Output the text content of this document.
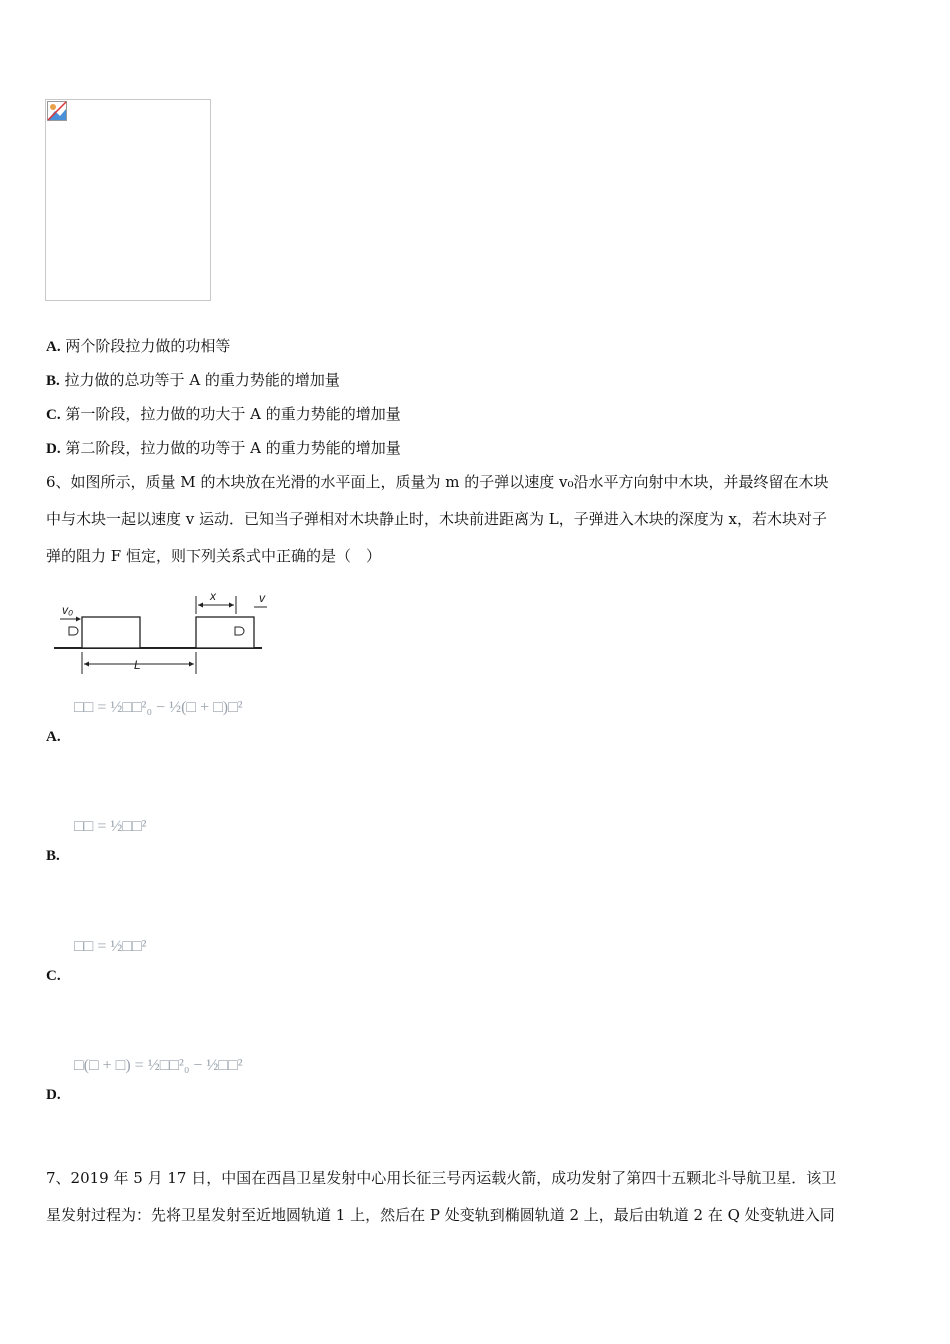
A. 两个阶段拉力做的功相等
B. 拉力做的总功等于 A 的重力势能的增加量
C. 第一阶段，拉力做的功大于 A 的重力势能的增加量
D. 第二阶段，拉力做的功等于 A 的重力势能的增加量
6、如图所示，质量 M 的木块放在光滑的水平面上，质量为 m 的子弹以速度 v₀沿水平方向射中木块，并最终留在木块
中与木块一起以速度 v 运动．已知当子弹相对木块静止时，木块前进距离为 L，子弹进入木块的深度为 x，若木块对子
弹的阻力 F 恒定，则下列关系式中正确的是（　）
v₀
x	v
L
□□ = ½□□²₀ − ½(□ + □)□²
A.
□□ = ½□□²
B.
□□ = ½□□²
C.
□(□ + □) = ½□□²₀ − ½□□²
D.
7、2019 年 5 月 17 日，中国在西昌卫星发射中心用长征三号丙运载火箭，成功发射了第四十五颗北斗导航卫星．该卫
星发射过程为：先将卫星发射至近地圆轨道 1 上，然后在 P 处变轨到椭圆轨道 2 上，最后由轨道 2 在 Q 处变轨进入同
